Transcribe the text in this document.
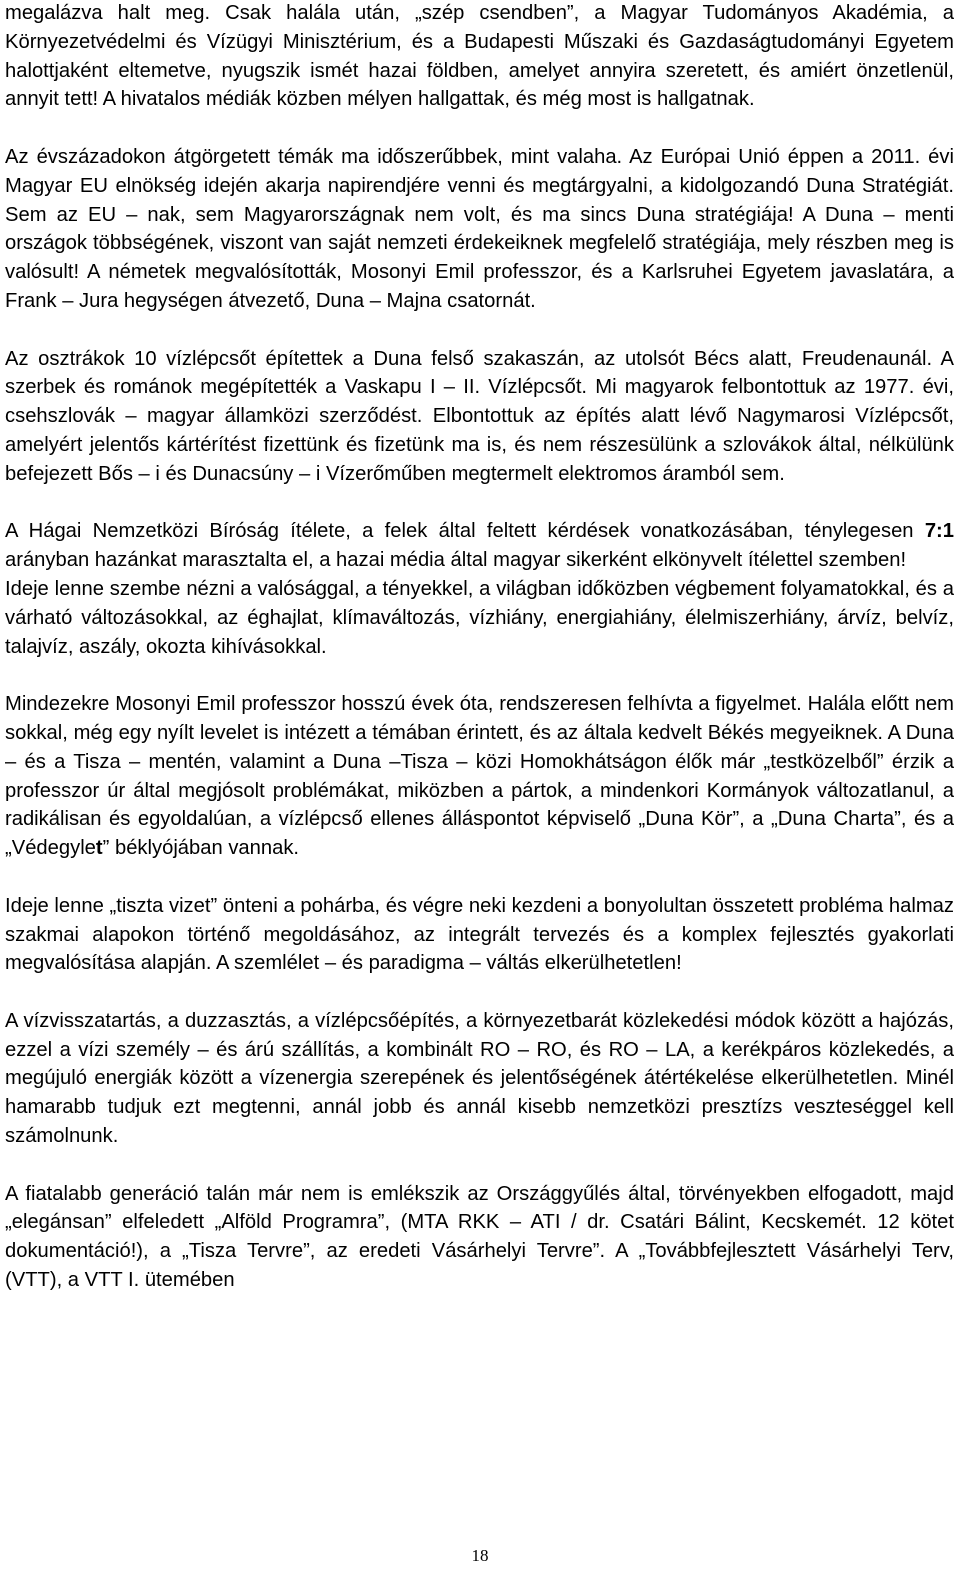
megalázva halt meg. Csak halála után, „szép csendben”, a Magyar Tudományos Akadémia, a Környezetvédelmi és Vízügyi Minisztérium, és a Budapesti Műszaki és Gazdaságtudományi Egyetem halottjaként eltemetve, nyugszik ismét hazai földben, amelyet annyira szeretett, és amiért önzetlenül, annyit tett! A hivatalos médiák közben mélyen hallgattak, és még most is hallgatnak.

Az évszázadokon átgörgetett témák ma időszerűbbek, mint valaha. Az Európai Unió éppen a 2011. évi Magyar EU elnökség idején akarja napirendjére venni és megtárgyalni, a kidolgozandó Duna Stratégiát. Sem az EU – nak, sem Magyarországnak nem volt, és ma sincs Duna stratégiája! A Duna – menti országok többségének, viszont van saját nemzeti érdekeiknek megfelelő stratégiája, mely részben meg is valósult! A németek megvalósították, Mosonyi Emil professzor, és a Karlsruhei Egyetem javaslatára, a Frank – Jura hegységen átvezető, Duna – Majna csatornát.

Az osztrákok 10 vízlépcsőt építettek a Duna felső szakaszán, az utolsót Bécs alatt, Freudenaunál. A szerbek és románok megépítették a Vaskapu I – II. Vízlépcsőt. Mi magyarok felbontottuk az 1977. évi, csehszlovák – magyar államközi szerződést. Elbontottuk az építés alatt lévő Nagymarosi Vízlépcsőt, amelyért jelentős kártérítést fizettünk és fizetünk ma is, és nem részesülünk a szlovákok által, nélkülünk befejezett Bős – i és Dunacsúny – i Vízerőműben megtermelt elektromos áramból sem.

A Hágai Nemzetközi Bíróság ítélete, a felek által feltett kérdések vonatkozásában, ténylegesen 7:1 arányban hazánkat marasztalta el, a hazai média által magyar sikerként elkönyvelt ítélettel szemben!

Ideje lenne szembe nézni a valósággal, a tényekkel, a világban időközben végbement folyamatokkal, és a várható változásokkal, az éghajlat, klímaváltozás, vízhiány, energiahiány, élelmiszerhiány, árvíz, belvíz, talajvíz, aszály, okozta kihívásokkal.

Mindezekre Mosonyi Emil professzor hosszú évek óta, rendszeresen felhívta a figyelmet. Halála előtt nem sokkal, még egy nyílt levelet is intézett a témában érintett, és az általa kedvelt Békés megyeiknek. A Duna – és a Tisza – mentén, valamint a Duna –Tisza – közi Homokhátságon élők már „testközelből” érzik a professzor úr által megjósolt problémákat, miközben a pártok, a mindenkori Kormányok változatlanul, a radikálisan és egyoldalúan, a vízlépcső ellenes álláspontot képviselő „Duna Kör”, a „Duna Charta”, és a „Védegylet” béklyójában vannak.

Ideje lenne „tiszta vizet” önteni a pohárba, és végre neki kezdeni a bonyolultan összetett probléma halmaz szakmai alapokon történő megoldásához, az integrált tervezés és a komplex fejlesztés gyakorlati megvalósítása alapján. A szemlélet – és paradigma – váltás elkerülhetetlen!

A vízvisszatartás, a duzzasztás, a vízlépcsőépítés, a környezetbarát közlekedési módok között a hajózás, ezzel a vízi személy – és árú szállítás, a kombinált RO – RO, és RO – LA, a kerékpáros közlekedés, a megújuló energiák között a vízenergia szerepének és jelentőségének átértékelése elkerülhetetlen. Minél hamarabb tudjuk ezt megtenni, annál jobb és annál kisebb nemzetközi presztízs veszteséggel kell számolnunk.

A fiatalabb generáció talán már nem is emlékszik az Országgyűlés által, törvényekben elfogadott, majd „elegánsan” elfeledett „Alföld Programra”, (MTA RKK – ATI / dr. Csatári Bálint, Kecskemét. 12 kötet dokumentáció!), a „Tisza Tervre”, az eredeti Vásárhelyi Tervre”. A „Továbbfejlesztett Vásárhelyi Terv, (VTT), a VTT I. ütemében

18
